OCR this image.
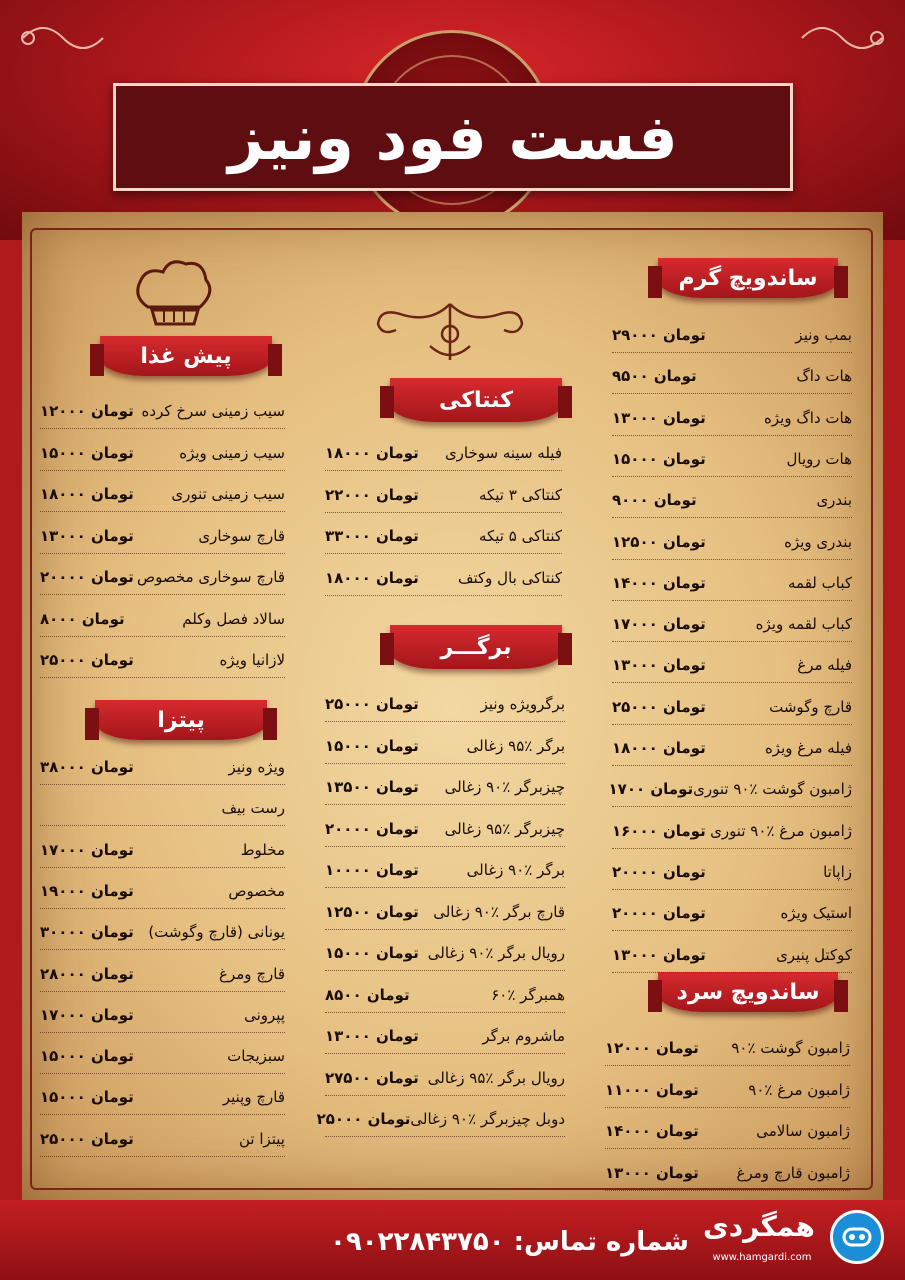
فست فود ونیز
ساندویچ گرم
ساندویچ سرد
کنتاکی
برگـــر
پیش غذا
پیتزا
بمب ونیز
۲۹۰۰۰ تومان
هات داگ
۹۵۰۰ تومان
هات داگ ویژه
۱۳۰۰۰ تومان
هات رویال
۱۵۰۰۰ تومان
بندری
۹۰۰۰ تومان
بندری ویژه
۱۲۵۰۰ تومان
کباب لقمه
۱۴۰۰۰ تومان
کباب لقمه ویژه
۱۷۰۰۰ تومان
فیله مرغ
۱۳۰۰۰ تومان
قارچ وگوشت
۲۵۰۰۰ تومان
فیله مرغ ویژه
۱۸۰۰۰ تومان
ژامبون گوشت ٪۹۰ تنوری
۱۷۰۰ تومان
ژامبون مرغ ٪۹۰ تنوری
۱۶۰۰۰ تومان
زاپاتا
۲۰۰۰۰ تومان
استیک ویژه
۲۰۰۰۰ تومان
کوکتل پنیری
۱۳۰۰۰ تومان
ژامبون گوشت ٪۹۰
۱۲۰۰۰ تومان
ژامبون مرغ ٪۹۰
۱۱۰۰۰ تومان
ژامبون سالامی
۱۴۰۰۰ تومان
ژامبون قارچ ومرغ
۱۳۰۰۰ تومان
فیله سینه سوخاری
۱۸۰۰۰ تومان
کنتاکی ۳ تیکه
۲۲۰۰۰ تومان
کنتاکی ۵ تیکه
۳۳۰۰۰ تومان
کنتاکی بال وکتف
۱۸۰۰۰ تومان
برگرویژه ونیز
۲۵۰۰۰ تومان
برگر ٪۹۵ زغالی
۱۵۰۰۰ تومان
چیزبرگر ٪۹۰ زغالی
۱۳۵۰۰ تومان
چیزبرگر ٪۹۵ زغالی
۲۰۰۰۰ تومان
برگر ٪۹۰ زغالی
۱۰۰۰۰ تومان
قارچ برگر ٪۹۰ زغالی
۱۲۵۰۰ تومان
رویال برگر ٪۹۰ زغالی
۱۵۰۰۰ تومان
همبرگر ٪۶۰
۸۵۰۰ تومان
ماشروم برگر
۱۳۰۰۰ تومان
رویال برگر ٪۹۵ زغالی
۲۷۵۰۰ تومان
دوبل چیزبرگر ٪۹۰ زغالی
۲۵۰۰۰ تومان
سیب زمینی سرخ کرده
۱۲۰۰۰ تومان
سیب زمینی ویژه
۱۵۰۰۰ تومان
سیب زمینی تنوری
۱۸۰۰۰ تومان
قارچ سوخاری
۱۳۰۰۰ تومان
قارچ سوخاری مخصوص
۲۰۰۰۰ تومان
سالاد فصل وکلم
۸۰۰۰ تومان
لازانیا ویژه
۲۵۰۰۰ تومان
ویژه ونیز
۳۸۰۰۰ تومان
رست بیف
مخلوط
۱۷۰۰۰ تومان
مخصوص
۱۹۰۰۰ تومان
یونانی (قارچ وگوشت)
۳۰۰۰۰ تومان
قارچ ومرغ
۲۸۰۰۰ تومان
پپرونی
۱۷۰۰۰ تومان
سبزیجات
۱۵۰۰۰ تومان
قارچ وپنیر
۱۵۰۰۰ تومان
پیتزا تن
۲۵۰۰۰ تومان
شماره تماس: ۰۹۰۲۲۸۴۳۷۵۰ همگردی
www.hamgardi.com
